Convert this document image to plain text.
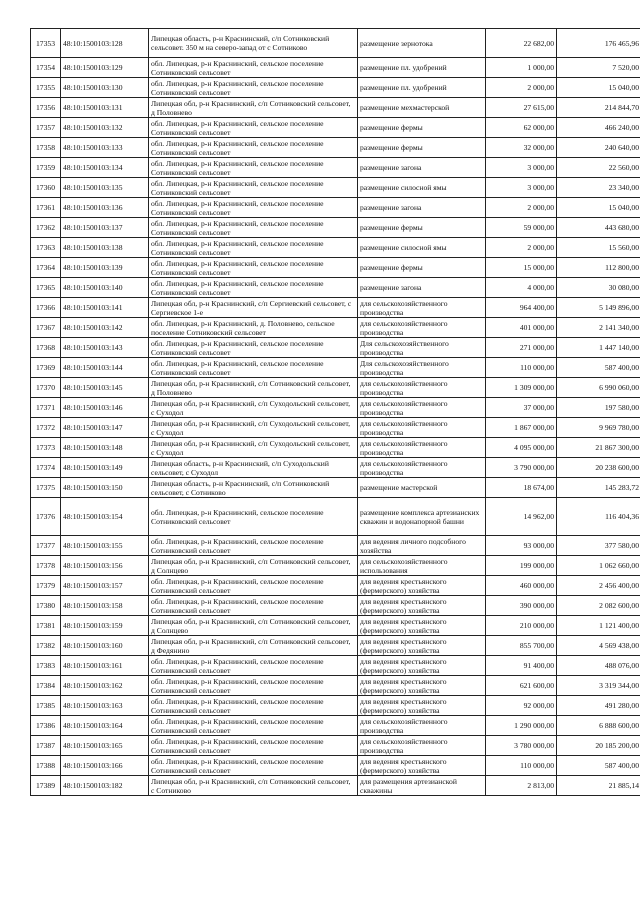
17353	48:10:1500103:128	Липецкая область, р-н Краснинский, с/п Сотниковский сельсовет. 350 м на северо-запад от с Сотниково	размещение зернотока	22 682,00	176 465,96
17354	48:10:1500103:129	обл. Липецкая, р-н Краснинский, сельское поселение Сотниковский сельсовет	размещение пл. удобрений	1 000,00	7 520,00
17355	48:10:1500103:130	обл. Липецкая, р-н Краснинский, сельское поселение Сотниковский сельсовет	размещение пл. удобрений	2 000,00	15 040,00
17356	48:10:1500103:131	Липецкая обл, р-н Краснинский, с/п Сотниковский сельсовет, д Половнево	размещение мехмастерской	27 615,00	214 844,70
17357	48:10:1500103:132	обл. Липецкая, р-н Краснинский, сельское поселение Сотниковский сельсовет	размещение фермы	62 000,00	466 240,00
17358	48:10:1500103:133	обл. Липецкая, р-н Краснинский, сельское поселение Сотниковский сельсовет	размещение фермы	32 000,00	240 640,00
17359	48:10:1500103:134	обл. Липецкая, р-н Краснинский, сельское поселение Сотниковский сельсовет	размещение загона	3 000,00	22 560,00
17360	48:10:1500103:135	обл. Липецкая, р-н Краснинский, сельское поселение Сотниковский сельсовет	размещение силосной ямы	3 000,00	23 340,00
17361	48:10:1500103:136	обл. Липецкая, р-н Краснинский, сельское поселение Сотниковский сельсовет	размещение загона	2 000,00	15 040,00
17362	48:10:1500103:137	обл. Липецкая, р-н Краснинский, сельское поселение Сотниковский сельсовет	размещение фермы	59 000,00	443 680,00
17363	48:10:1500103:138	обл. Липецкая, р-н Краснинский, сельское поселение Сотниковский сельсовет	размещение силосной ямы	2 000,00	15 560,00
17364	48:10:1500103:139	обл. Липецкая, р-н Краснинский, сельское поселение Сотниковский сельсовет	размещение фермы	15 000,00	112 800,00
17365	48:10:1500103:140	обл. Липецкая, р-н Краснинский, сельское поселение Сотниковский сельсовет	размещение загона	4 000,00	30 080,00
17366	48:10:1500103:141	Липецкая обл, р-н Краснинский, с/п Сергиевский сельсовет, с Сергиевское 1-е	для сельскохозяйственного производства	964 400,00	5 149 896,00
17367	48:10:1500103:142	обл. Липецкая, р-н Краснинский, д. Половнево, сельское поселение Сотниковский сельсовет	для сельскохозяйственного производства	401 000,00	2 141 340,00
17368	48:10:1500103:143	обл. Липецкая, р-н Краснинский, сельское поселение Сотниковский сельсовет	Для сельскохозяйственного производства	271 000,00	1 447 140,00
17369	48:10:1500103:144	обл. Липецкая, р-н Краснинский, сельское поселение Сотниковский сельсовет	Для сельскохозяйственного производства	110 000,00	587 400,00
17370	48:10:1500103:145	Липецкая обл, р-н Краснинский, с/п Сотниковский сельсовет, д Половнево	для сельскохозяйственного производства	1 309 000,00	6 990 060,00
17371	48:10:1500103:146	Липецкая обл, р-н Краснинский, с/п Суходольский сельсовет, с Суходол	для сельскохозяйственного производства	37 000,00	197 580,00
17372	48:10:1500103:147	Липецкая обл, р-н Краснинский, с/п Суходольский сельсовет, с Суходол	для сельскохозяйственного производства	1 867 000,00	9 969 780,00
17373	48:10:1500103:148	Липецкая обл, р-н Краснинский, с/п Суходольский сельсовет, с Суходол	для сельскохозяйственного производства	4 095 000,00	21 867 300,00
17374	48:10:1500103:149	Липецкая область, р-н Краснинский, с/п Суходольский сельсовет, с Суходол	для сельскохозяйственного производства	3 790 000,00	20 238 600,00
17375	48:10:1500103:150	Липецкая область, р-н Краснинский, с/п Сотниковский сельсовет, с Сотниково	размещение мастерской	18 674,00	145 283,72
17376	48:10:1500103:154	обл. Липецкая, р-н Краснинский, сельское поселение Сотниковский сельсовет	размещение комплекса артезианских скважин и водонапорной башни	14 962,00	116 404,36
17377	48:10:1500103:155	обл. Липецкая, р-н Краснинский, сельское поселение Сотниковский сельсовет	для ведения личного подсобного хозяйства	93 000,00	377 580,00
17378	48:10:1500103:156	Липецкая обл, р-н Краснинский, с/п Сотниковский сельсовет, д Солнцево	для сельскохозяйственного использования	199 000,00	1 062 660,00
17379	48:10:1500103:157	обл. Липецкая, р-н Краснинский, сельское поселение Сотниковский сельсовет	для ведения крестьянского (фермерского) хозяйства	460 000,00	2 456 400,00
17380	48:10:1500103:158	обл. Липецкая, р-н Краснинский, сельское поселение Сотниковский сельсовет	для ведения крестьянского (фермерского) хозяйства	390 000,00	2 082 600,00
17381	48:10:1500103:159	Липецкая обл, р-н Краснинский, с/п Сотниковский сельсовет, д Солнцево	для ведения крестьянского (фермерского) хозяйства	210 000,00	1 121 400,00
17382	48:10:1500103:160	Липецкая обл, р-н Краснинский, с/п Сотниковский сельсовет, д Федянино	для ведения крестьянского (фермерского) хозяйства	855 700,00	4 569 438,00
17383	48:10:1500103:161	обл. Липецкая, р-н Краснинский, сельское поселение Сотниковский сельсовет	для ведения крестьянского (фермерского) хозяйства	91 400,00	488 076,00
17384	48:10:1500103:162	обл. Липецкая, р-н Краснинский, сельское поселение Сотниковский сельсовет	для ведения крестьянского (фермерского) хозяйства	621 600,00	3 319 344,00
17385	48:10:1500103:163	обл. Липецкая, р-н Краснинский, сельское поселение Сотниковский сельсовет	для ведения крестьянского (фермерского) хозяйства	92 000,00	491 280,00
17386	48:10:1500103:164	обл. Липецкая, р-н Краснинский, сельское поселение Сотниковский сельсовет	для сельскохозяйственного производства	1 290 000,00	6 888 600,00
17387	48:10:1500103:165	обл. Липецкая, р-н Краснинский, сельское поселение Сотниковский сельсовет	для сельскохозяйственного производства	3 780 000,00	20 185 200,00
17388	48:10:1500103:166	обл. Липецкая, р-н Краснинский, сельское поселение Сотниковский сельсовет	для ведения крестьянского (фермерского) хозяйства	110 000,00	587 400,00
17389	48:10:1500103:182	Липецкая обл, р-н Краснинский, с/п Сотниковский сельсовет, с Сотниково	для размещения артезианской скважины	2 813,00	21 885,14
